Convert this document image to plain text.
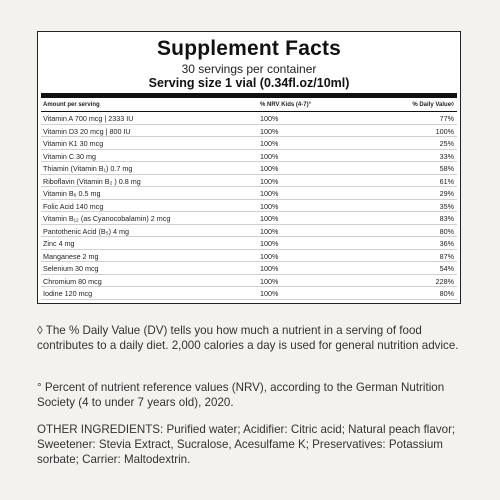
Supplement Facts
30 servings per container
Serving size 1 vial (0.34fl.oz/10ml)
Amount per serving	% NRV Kids (4-7)°	% Daily Value◊
Vitamin A 700 mcg | 2333 IU	100%	77%
Vitamin D3 20 mcg | 800 IU	100%	100%
Vitamin K1 30 mcg	100%	25%
Vitamin C 30 mg	100%	33%
Thiamin (Vitamin B₁) 0.7 mg	100%	58%
Riboflavin (Vitamin B₂ ) 0.8 mg	100%	61%
Vitamin B₆ 0.5 mg	100%	29%
Folic Acid 140 mcg	100%	35%
Vitamin B₁₂ (as Cyanocobalamin) 2 mcg	100%	83%
Pantothenic Acid (B₅) 4 mg	100%	80%
Zinc 4 mg	100%	36%
Manganese 2 mg	100%	87%
Selenium 30 mcg	100%	54%
Chromium 80 mcg	100%	228%
Iodine 120 mcg	100%	80%
◊ The % Daily Value (DV) tells you how much a nutrient in a serving of food contributes to a daily diet. 2,000 calories a day is used for general nutrition advice.
° Percent of nutrient reference values (NRV), according to the German Nutrition Society (4 to under 7 years old), 2020.
OTHER INGREDIENTS: Purified water; Acidifier: Citric acid; Natural peach flavor; Sweetener: Stevia Extract, Sucralose, Acesulfame K; Preservatives: Potassium sorbate; Carrier: Maltodextrin.
